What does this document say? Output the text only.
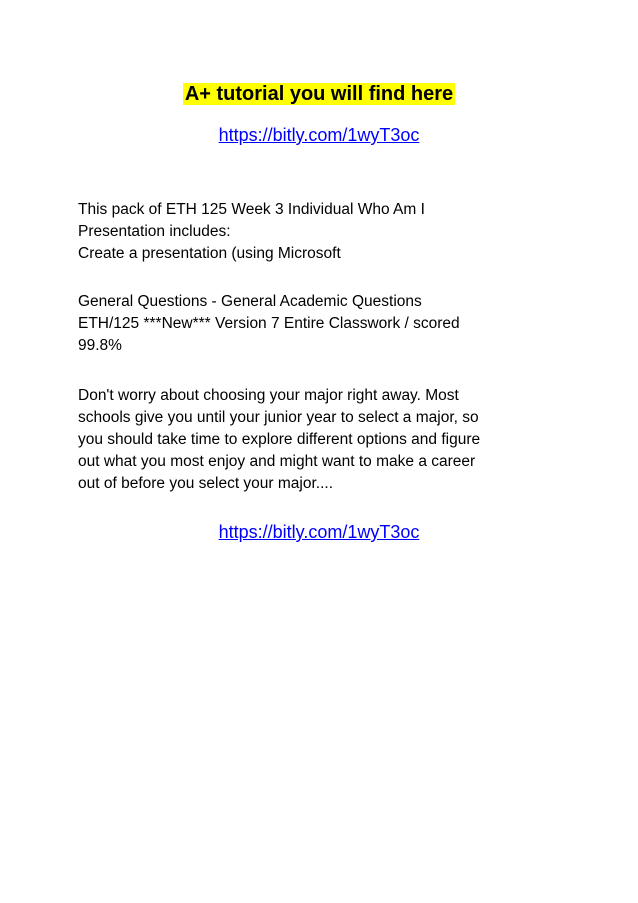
A+ tutorial you will find here
https://bitly.com/1wyT3oc
This pack of ETH 125 Week 3 Individual Who Am I
Presentation includes:
Create a presentation (using Microsoft
General Questions - General Academic Questions
ETH/125 ***New*** Version 7 Entire Classwork / scored
99.8%
Don't worry about choosing your major right away. Most
schools give you until your junior year to select a major, so
you should take time to explore different options and figure
out what you most enjoy and might want to make a career
out of before you select your major....
https://bitly.com/1wyT3oc
